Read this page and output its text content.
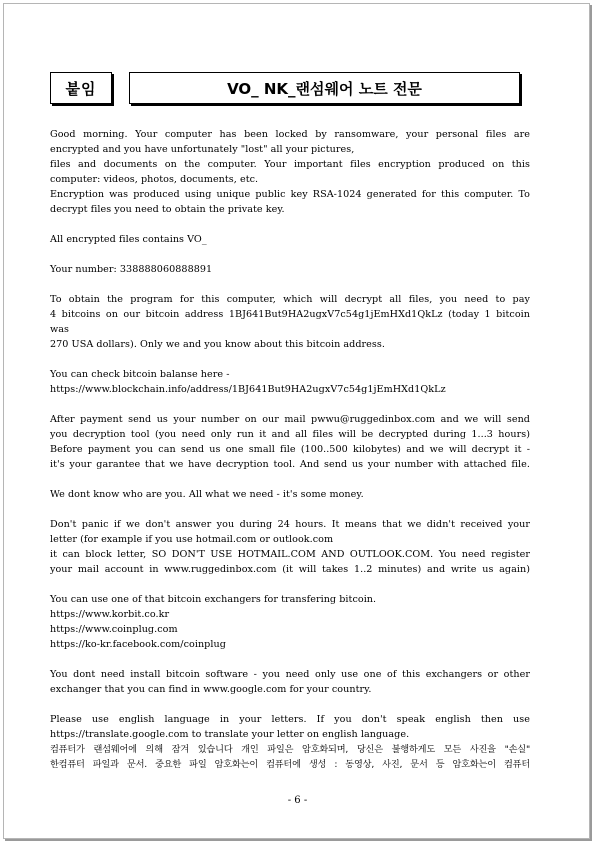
붙임	VO_ NK_랜섬웨어 노트 전문
Good morning. Your computer has been locked by ransomware, your personal files are
encrypted and you have unfortunately "lost" all your pictures,
files and documents on the computer. Your important files encryption produced on this
computer: videos, photos, documents, etc.
Encryption was produced using unique public key RSA-1024 generated for this computer. To
decrypt files you need to obtain the private key.
All encrypted files contains VO_
Your number: 338888060888891
To obtain the program for this computer, which will decrypt all files, you need to pay
4 bitcoins on our bitcoin address 1BJ641But9HA2ugxV7c54g1jEmHXd1QkLz (today 1 bitcoin was
270 USA dollars). Only we and you know about this bitcoin address.
You can check bitcoin balanse here -
https://www.blockchain.info/address/1BJ641But9HA2ugxV7c54g1jEmHXd1QkLz
After payment send us your number on our mail pwwu@ruggedinbox.com and we will send
you decryption tool (you need only run it and all files will be decrypted during 1...3 hours)
Before payment you can send us one small file (100..500 kilobytes) and we will decrypt it -
it's your garantee that we have decryption tool. And send us your number with attached file.
We dont know who are you. All what we need - it's some money.
Don't panic if we don't answer you during 24 hours. It means that we didn't received your
letter (for example if you use hotmail.com or outlook.com
it can block letter, SO DON'T USE HOTMAIL.COM AND OUTLOOK.COM. You need register
your mail account in www.ruggedinbox.com (it will takes 1..2 minutes) and write us again)
You can use one of that bitcoin exchangers for transfering bitcoin.
https://www.korbit.co.kr
https://www.coinplug.com
https://ko-kr.facebook.com/coinplug
You dont need install bitcoin software - you need only use one of this exchangers or other
exchanger that you can find in www.google.com for your country.
Please use english language in your letters. If you don't speak english then use
https://translate.google.com to translate your letter on english language.
컴퓨터가 랜섬웨어에 의해 잠겨 있습니다 개인 파일은 암호화되며, 당신은 불행하게도 모든 사진을 "손실"
한컴퓨터 파일과 문서. 중요한 파일 암호화는이 컴퓨터에 생성 : 동영상, 사진, 문서 등 암호화는이 컴퓨터
- 6 -
